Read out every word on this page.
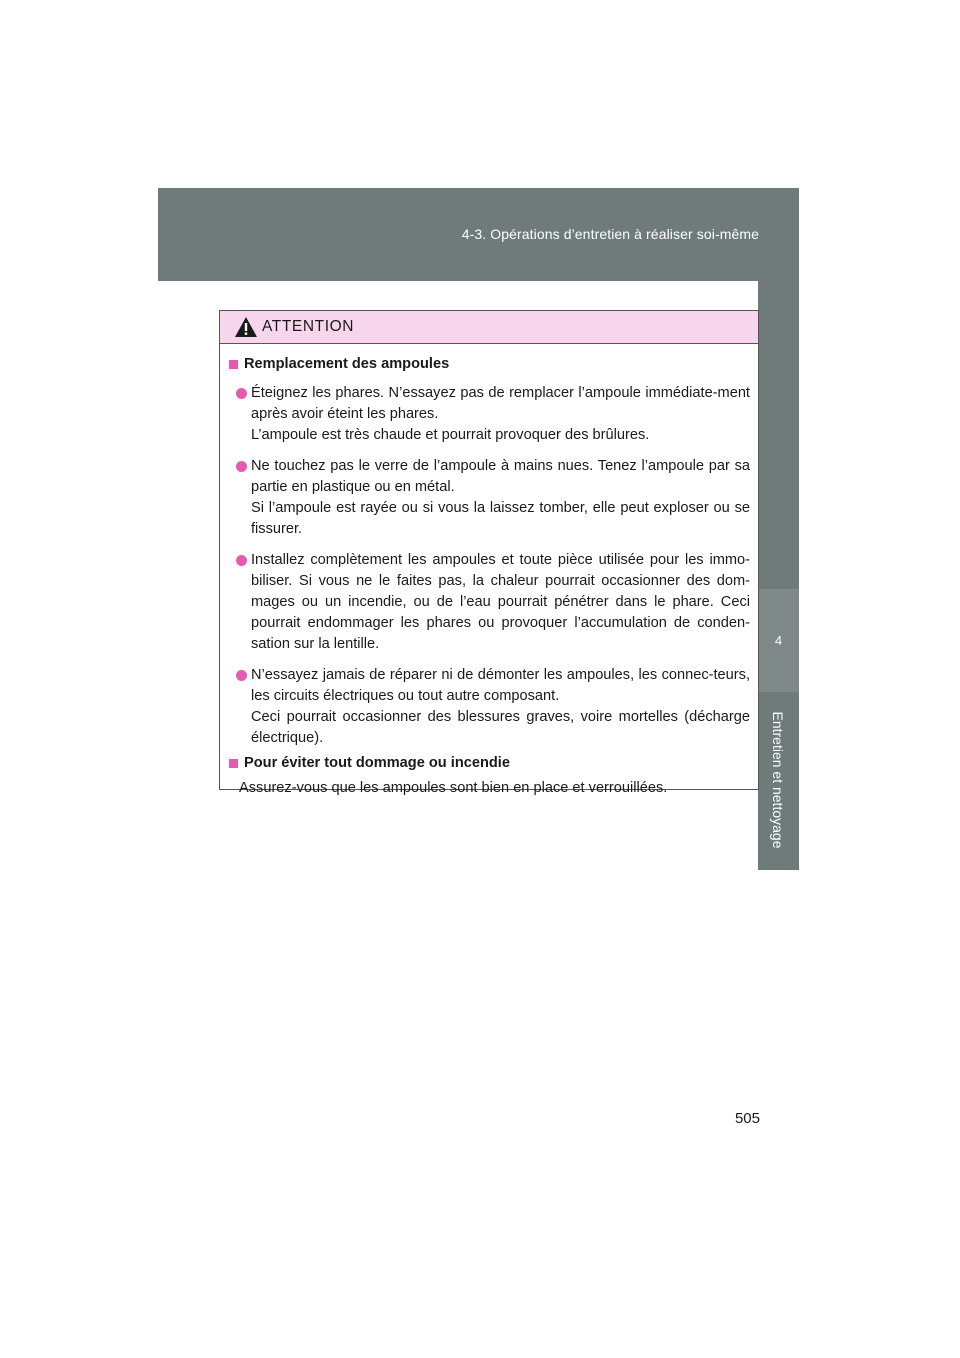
4-3. Opérations d’entretien à réaliser soi-même
4
Entretien et nettoyage
ATTENTION
Remplacement des ampoules

Éteignez les phares. N’essayez pas de remplacer l’ampoule immédiate-ment après avoir éteint les phares.

L’ampoule est très chaude et pourrait provoquer des brûlures.

Ne touchez pas le verre de l’ampoule à mains nues. Tenez l’ampoule par sa partie en plastique ou en métal.

Si l’ampoule est rayée ou si vous la laissez tomber, elle peut exploser ou se fissurer.

Installez complètement les ampoules et toute pièce utilisée pour les immo-biliser. Si vous ne le faites pas, la chaleur pourrait occasionner des dom-mages ou un incendie, ou de l’eau pourrait pénétrer dans le phare. Ceci pourrait endommager les phares ou provoquer l’accumulation de conden-sation sur la lentille.

N’essayez jamais de réparer ni de démonter les ampoules, les connec-teurs, les circuits électriques ou tout autre composant.

Ceci pourrait occasionner des blessures graves, voire mortelles (décharge électrique).

Pour éviter tout dommage ou incendie

Assurez-vous que les ampoules sont bien en place et verrouillées.

505
